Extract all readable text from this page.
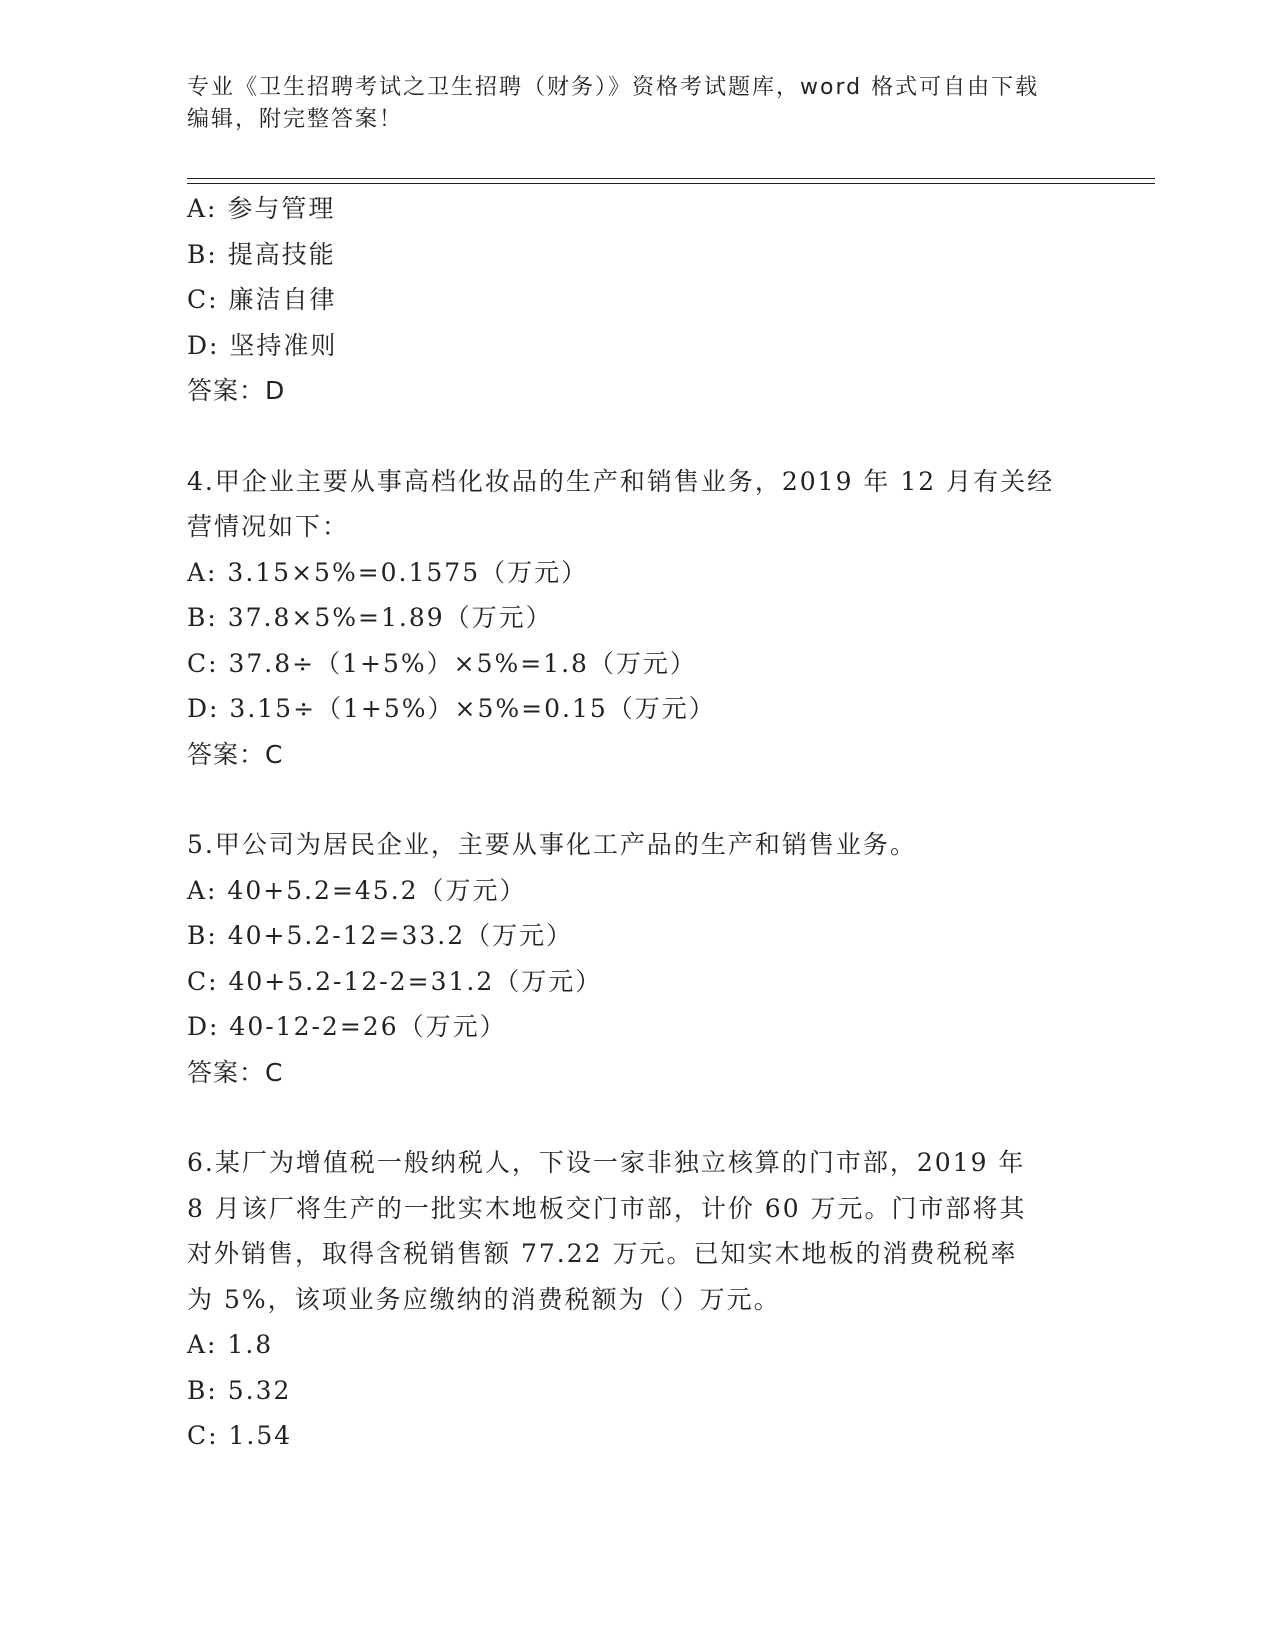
专业《卫生招聘考试之卫生招聘（财务）》资格考试题库，word 格式可自由下载
编辑，附完整答案！
A: 参与管理
B: 提高技能
C: 廉洁自律
D: 坚持准则
答案：D
4.甲企业主要从事高档化妆品的生产和销售业务，2019 年 12 月有关经
营情况如下：
A: 3.15×5%=0.1575（万元）
B: 37.8×5%=1.89（万元）
C: 37.8÷（1+5%）×5%=1.8（万元）
D: 3.15÷（1+5%）×5%=0.15（万元）
答案：C
5.甲公司为居民企业，主要从事化工产品的生产和销售业务。
A: 40+5.2=45.2（万元）
B: 40+5.2-12=33.2（万元）
C: 40+5.2-12-2=31.2（万元）
D: 40-12-2=26（万元）
答案：C
6.某厂为增值税一般纳税人，下设一家非独立核算的门市部，2019 年
8 月该厂将生产的一批实木地板交门市部，计价 60 万元。门市部将其
对外销售，取得含税销售额 77.22 万元。已知实木地板的消费税税率
为 5%，该项业务应缴纳的消费税额为（）万元。
A: 1.8
B: 5.32
C: 1.54
